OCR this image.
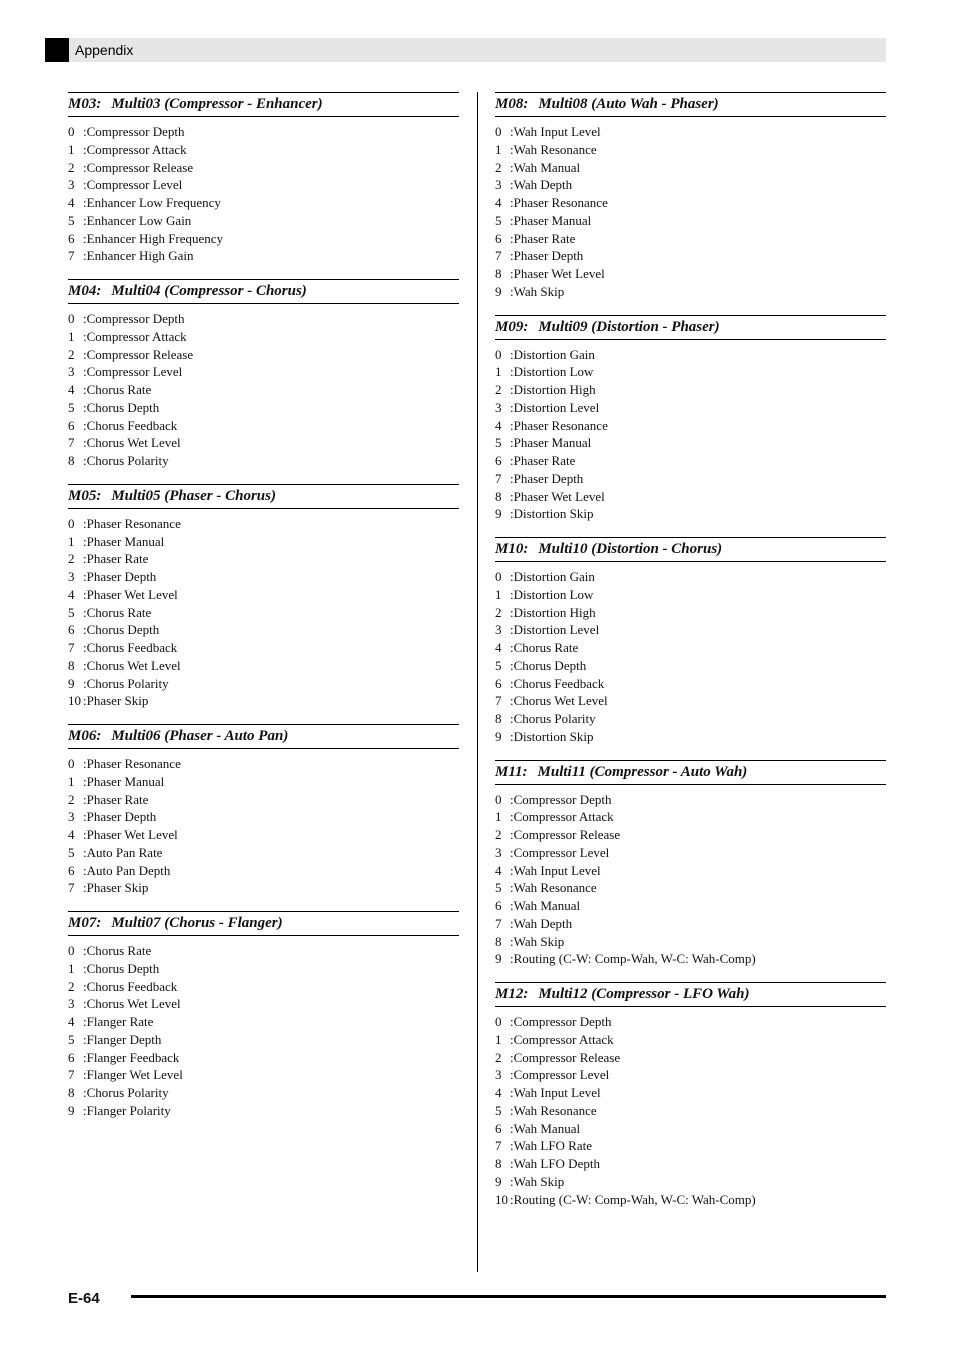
Appendix
M03: Multi03 (Compressor - Enhancer)
0 : Compressor Depth
1 : Compressor Attack
2 : Compressor Release
3 : Compressor Level
4 : Enhancer Low Frequency
5 : Enhancer Low Gain
6 : Enhancer High Frequency
7 : Enhancer High Gain
M04: Multi04 (Compressor - Chorus)
0 : Compressor Depth
1 : Compressor Attack
2 : Compressor Release
3 : Compressor Level
4 : Chorus Rate
5 : Chorus Depth
6 : Chorus Feedback
7 : Chorus Wet Level
8 : Chorus Polarity
M05: Multi05 (Phaser - Chorus)
0 : Phaser Resonance
1 : Phaser Manual
2 : Phaser Rate
3 : Phaser Depth
4 : Phaser Wet Level
5 : Chorus Rate
6 : Chorus Depth
7 : Chorus Feedback
8 : Chorus Wet Level
9 : Chorus Polarity
10 : Phaser Skip
M06: Multi06 (Phaser - Auto Pan)
0 : Phaser Resonance
1 : Phaser Manual
2 : Phaser Rate
3 : Phaser Depth
4 : Phaser Wet Level
5 : Auto Pan Rate
6 : Auto Pan Depth
7 : Phaser Skip
M07: Multi07 (Chorus - Flanger)
0 : Chorus Rate
1 : Chorus Depth
2 : Chorus Feedback
3 : Chorus Wet Level
4 : Flanger Rate
5 : Flanger Depth
6 : Flanger Feedback
7 : Flanger Wet Level
8 : Chorus Polarity
9 : Flanger Polarity
M08: Multi08 (Auto Wah - Phaser)
0 : Wah Input Level
1 : Wah Resonance
2 : Wah Manual
3 : Wah Depth
4 : Phaser Resonance
5 : Phaser Manual
6 : Phaser Rate
7 : Phaser Depth
8 : Phaser Wet Level
9 : Wah Skip
M09: Multi09 (Distortion - Phaser)
0 : Distortion Gain
1 : Distortion Low
2 : Distortion High
3 : Distortion Level
4 : Phaser Resonance
5 : Phaser Manual
6 : Phaser Rate
7 : Phaser Depth
8 : Phaser Wet Level
9 : Distortion Skip
M10: Multi10 (Distortion - Chorus)
0 : Distortion Gain
1 : Distortion Low
2 : Distortion High
3 : Distortion Level
4 : Chorus Rate
5 : Chorus Depth
6 : Chorus Feedback
7 : Chorus Wet Level
8 : Chorus Polarity
9 : Distortion Skip
M11: Multi11 (Compressor - Auto Wah)
0 : Compressor Depth
1 : Compressor Attack
2 : Compressor Release
3 : Compressor Level
4 : Wah Input Level
5 : Wah Resonance
6 : Wah Manual
7 : Wah Depth
8 : Wah Skip
9 : Routing (C-W: Comp-Wah, W-C: Wah-Comp)
M12: Multi12 (Compressor - LFO Wah)
0 : Compressor Depth
1 : Compressor Attack
2 : Compressor Release
3 : Compressor Level
4 : Wah Input Level
5 : Wah Resonance
6 : Wah Manual
7 : Wah LFO Rate
8 : Wah LFO Depth
9 : Wah Skip
10 : Routing (C-W: Comp-Wah, W-C: Wah-Comp)
E-64
